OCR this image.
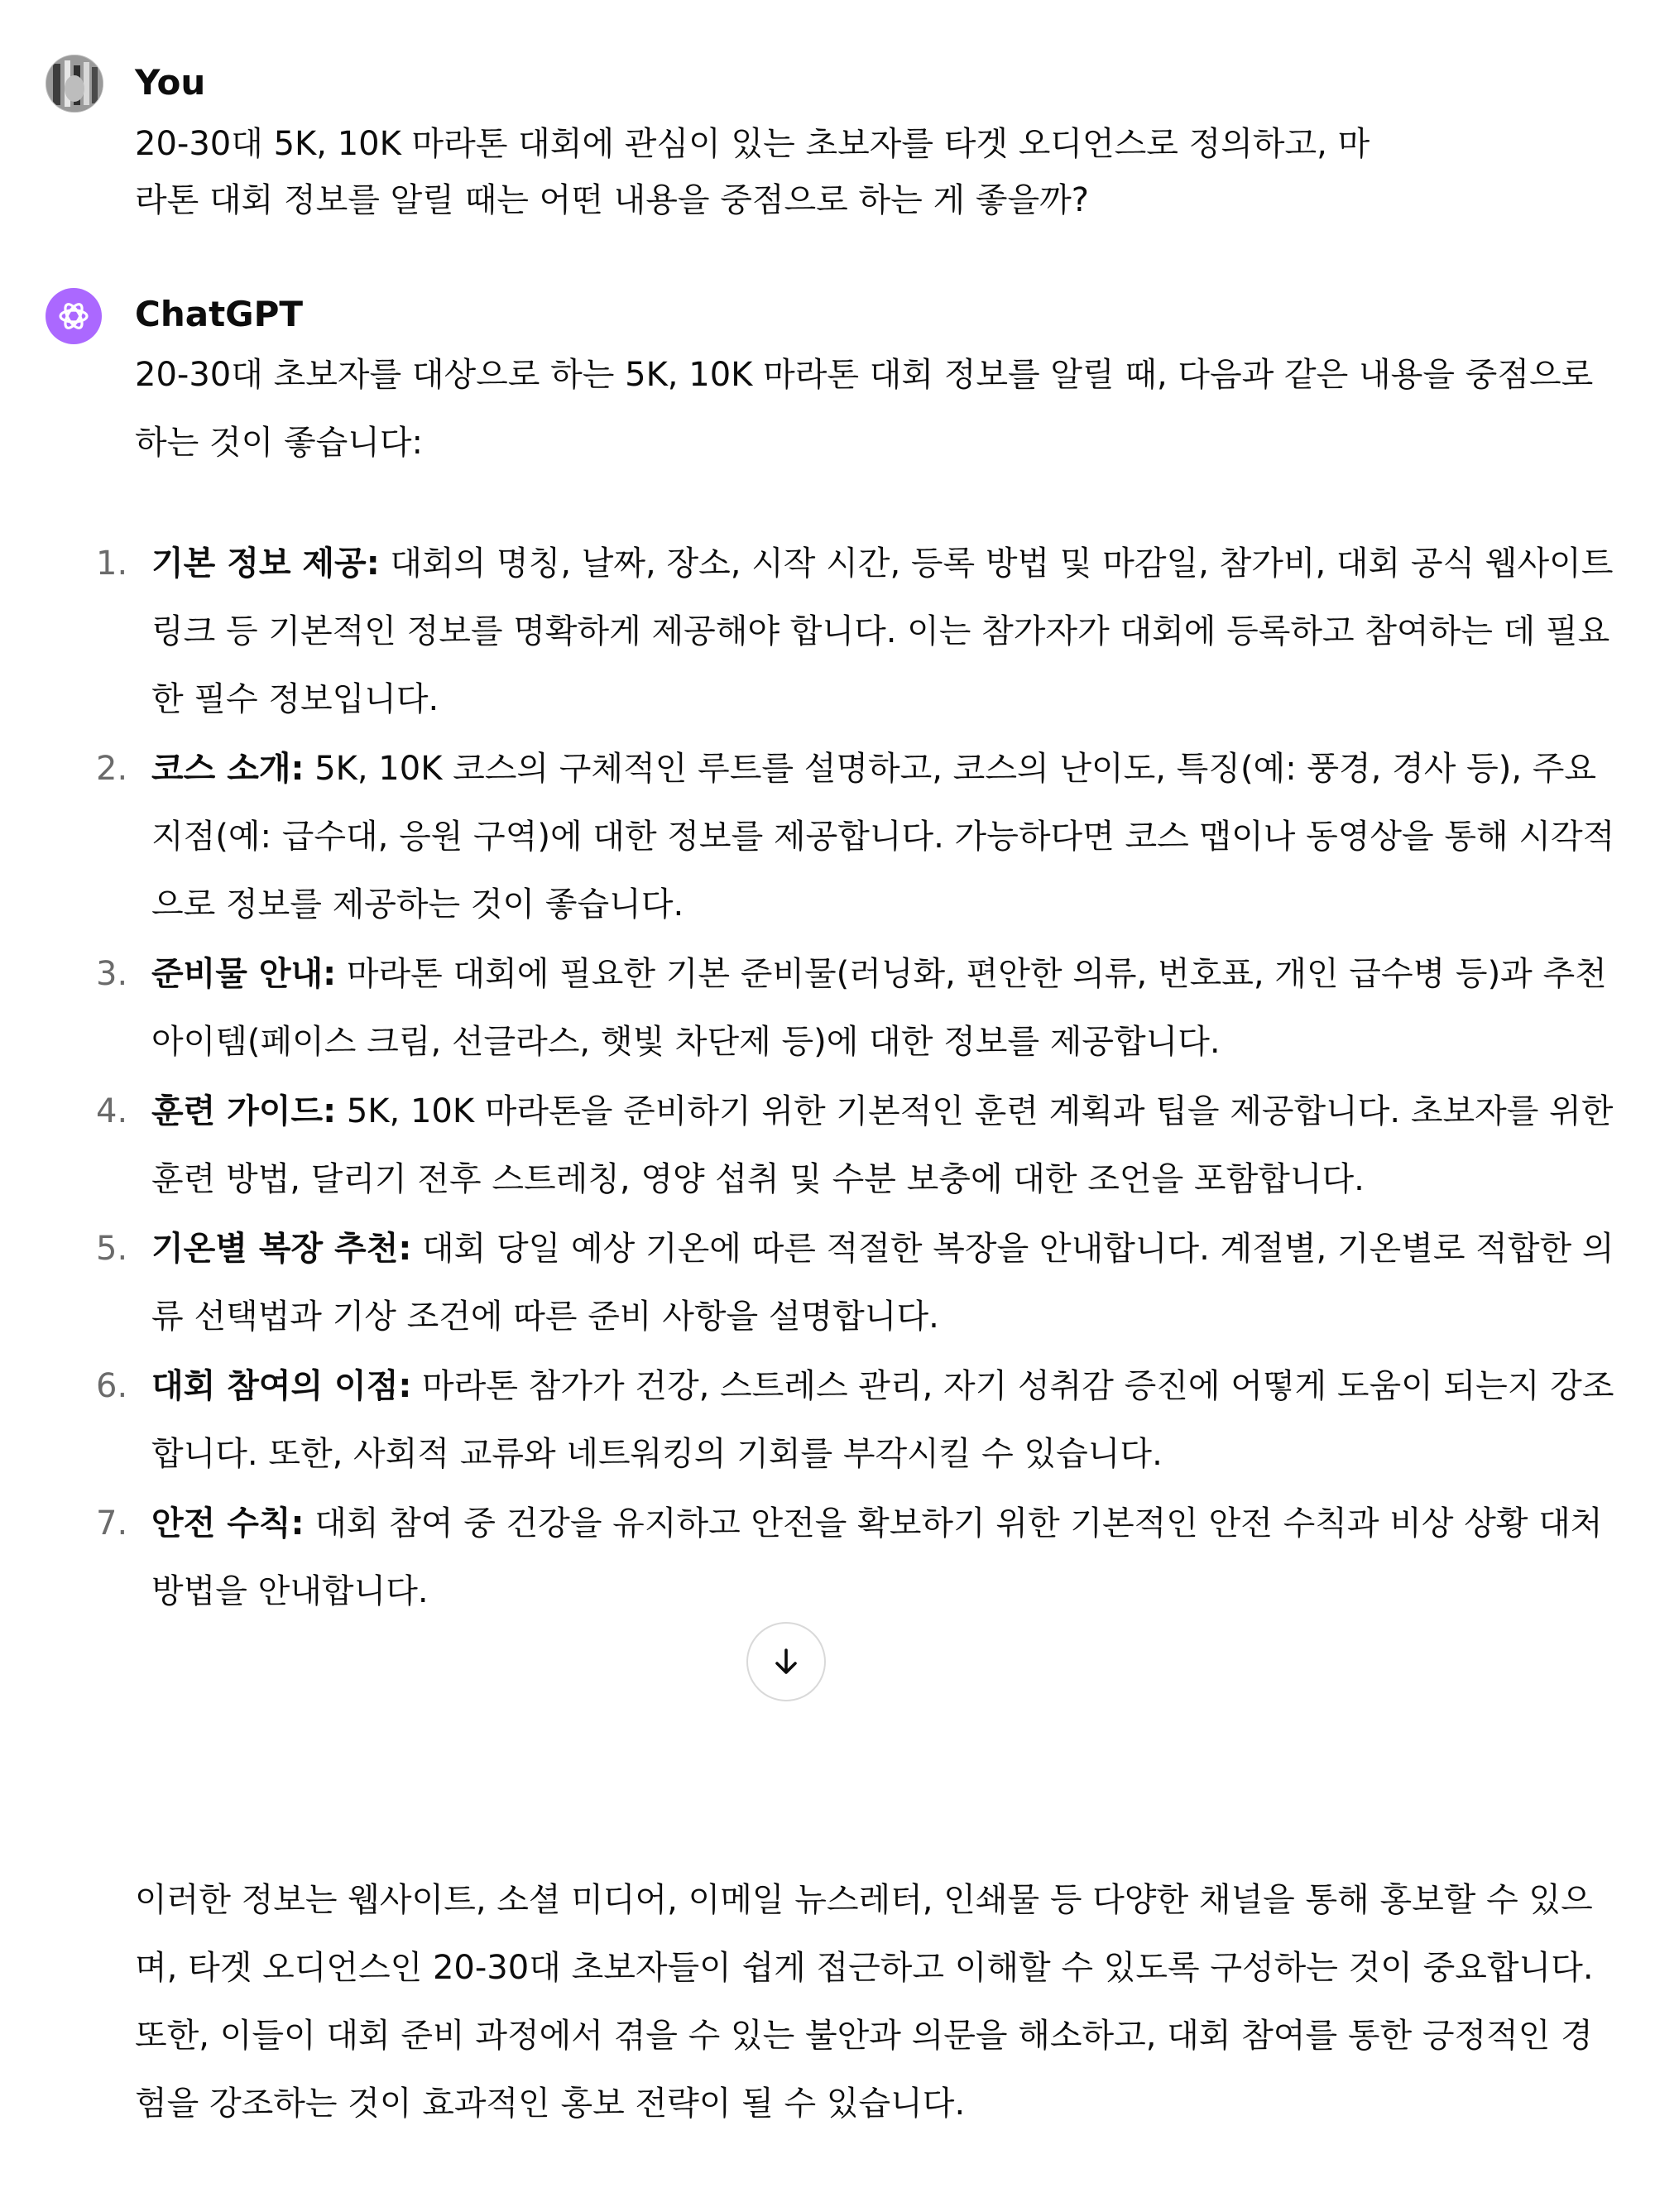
You
20-30대 5K, 10K 마라톤 대회에 관심이 있는 초보자를 타겟 오디언스로 정의하고, 마
라톤 대회 정보를 알릴 때는 어떤 내용을 중점으로 하는 게 좋을까?
ChatGPT
20-30대 초보자를 대상으로 하는 5K, 10K 마라톤 대회 정보를 알릴 때, 다음과 같은 내용을 중점으로 하는 것이 좋습니다:
1. 기본 정보 제공: 대회의 명칭, 날짜, 장소, 시작 시간, 등록 방법 및 마감일, 참가비, 대회 공식 웹사이트 링크 등 기본적인 정보를 명확하게 제공해야 합니다. 이는 참가자가 대회에 등록하고 참여하는 데 필요한 필수 정보입니다.
2. 코스 소개: 5K, 10K 코스의 구체적인 루트를 설명하고, 코스의 난이도, 특징(예: 풍경, 경사 등), 주요 지점(예: 급수대, 응원 구역)에 대한 정보를 제공합니다. 가능하다면 코스 맵이나 동영상을 통해 시각적으로 정보를 제공하는 것이 좋습니다.
3. 준비물 안내: 마라톤 대회에 필요한 기본 준비물(러닝화, 편안한 의류, 번호표, 개인 급수병 등)과 추천 아이템(페이스 크림, 선글라스, 햇빛 차단제 등)에 대한 정보를 제공합니다.
4. 훈련 가이드: 5K, 10K 마라톤을 준비하기 위한 기본적인 훈련 계획과 팁을 제공합니다. 초보자를 위한 훈련 방법, 달리기 전후 스트레칭, 영양 섭취 및 수분 보충에 대한 조언을 포함합니다.
5. 기온별 복장 추천: 대회 당일 예상 기온에 따른 적절한 복장을 안내합니다. 계절별, 기온별로 적합한 의류 선택법과 기상 조건에 따른 준비 사항을 설명합니다.
6. 대회 참여의 이점: 마라톤 참가가 건강, 스트레스 관리, 자기 성취감 증진에 어떻게 도움이 되는지 강조합니다. 또한, 사회적 교류와 네트워킹의 기회를 부각시킬 수 있습니다.
7. 안전 수칙: 대회 참여 중 건강을 유지하고 안전을 확보하기 위한 기본적인 안전 수칙과 비상 상황 대처 방법을 안내합니다.
이러한 정보는 웹사이트, 소셜 미디어, 이메일 뉴스레터, 인쇄물 등 다양한 채널을 통해 홍보할 수 있으며, 타겟 오디언스인 20-30대 초보자들이 쉽게 접근하고 이해할 수 있도록 구성하는 것이 중요합니다. 또한, 이들이 대회 준비 과정에서 겪을 수 있는 불안과 의문을 해소하고, 대회 참여를 통한 긍정적인 경험을 강조하는 것이 효과적인 홍보 전략이 될 수 있습니다.
